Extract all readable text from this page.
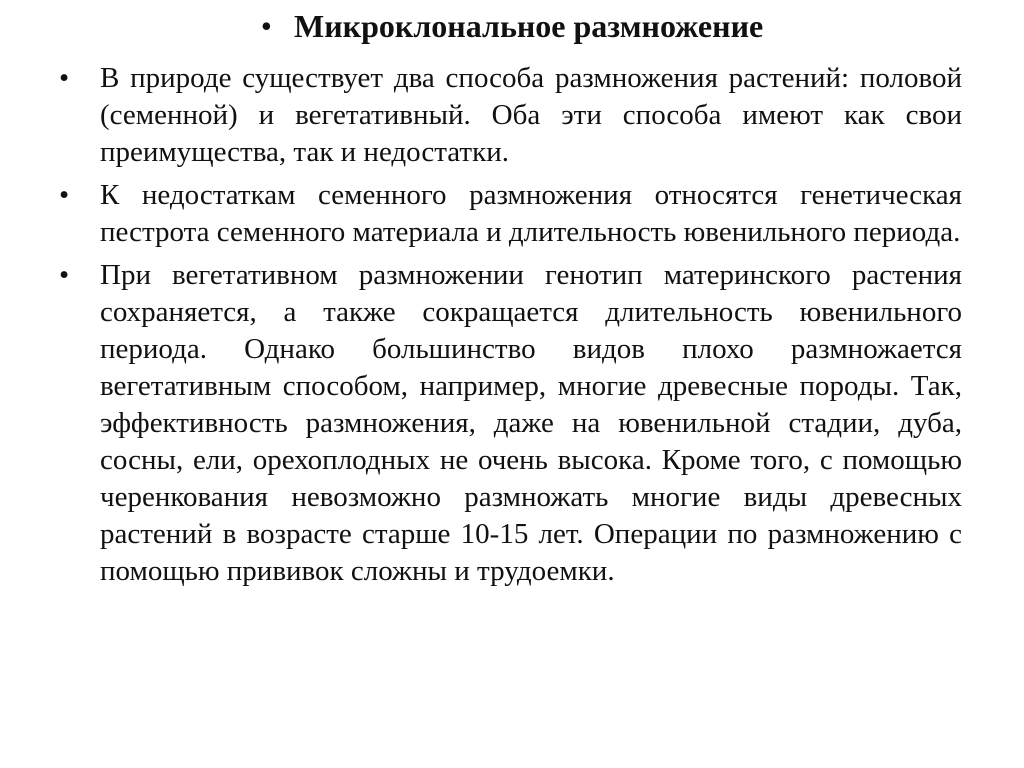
• Микроклональное размножение
• В природе существует два способа размножения растений: половой (семенной) и вегетативный. Оба эти способа имеют как свои преимущества, так и недостатки.
• К недостаткам семенного размножения относятся генетическая пестрота семенного материала и длительность ювенильного периода.
• При вегетативном размножении генотип материнского растения сохраняется, а также сокращается длительность ювенильного периода. Однако большинство видов плохо размножается вегетативным способом, например, многие древесные породы. Так, эффективность размножения, даже на ювенильной стадии, дуба, сосны, ели, орехоплодных не очень высока. Кроме того, с помощью черенкования невозможно размножать многие виды древесных растений в возрасте старше 10-15 лет. Операции по размножению с помощью прививок сложны и трудоемки.
